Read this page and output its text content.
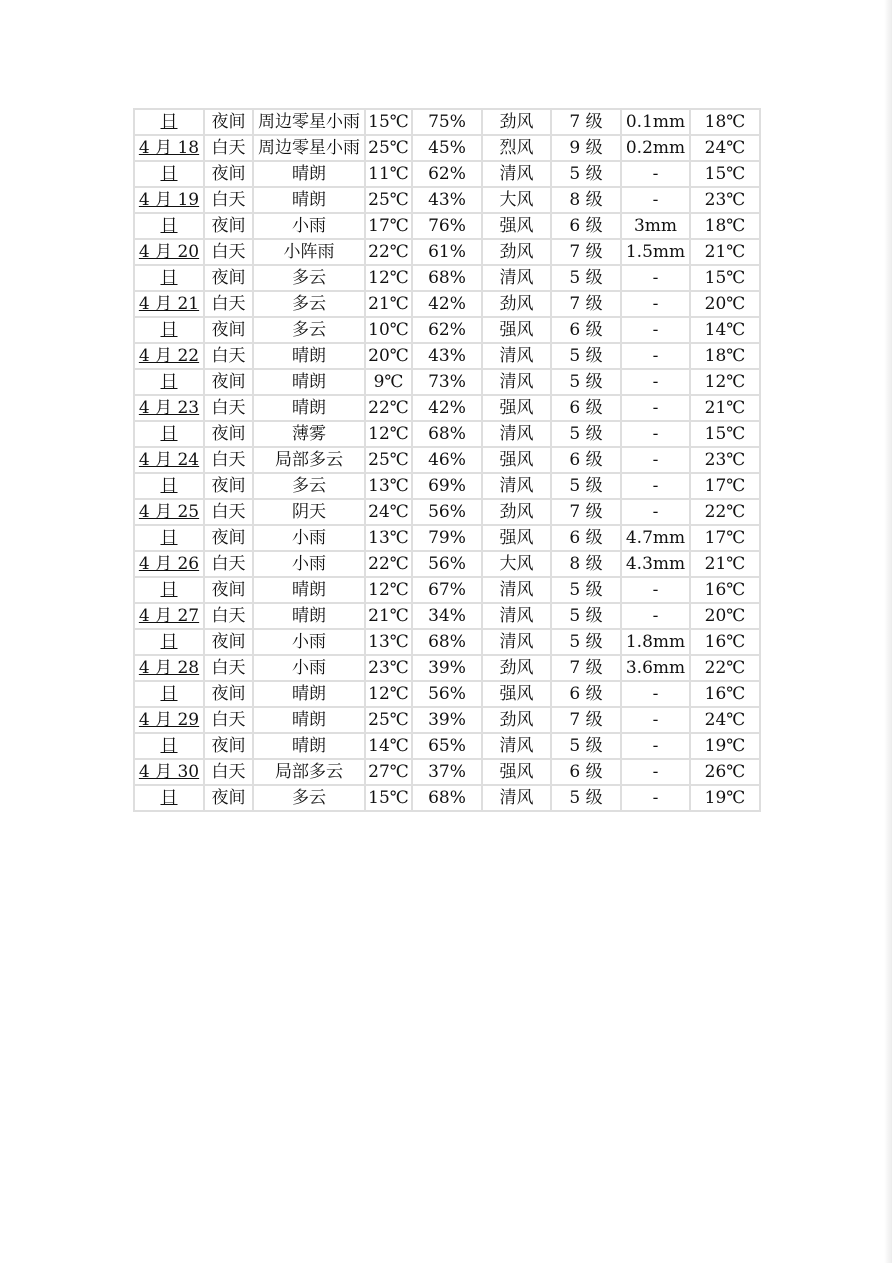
日	夜间	周边零星小雨	15℃	75%	劲风	7 级	0.1mm	18℃
4 月 18	白天	周边零星小雨	25℃	45%	烈风	9 级	0.2mm	24℃
日	夜间	晴朗	11℃	62%	清风	5 级	-	15℃
4 月 19	白天	晴朗	25℃	43%	大风	8 级	-	23℃
日	夜间	小雨	17℃	76%	强风	6 级	3mm	18℃
4 月 20	白天	小阵雨	22℃	61%	劲风	7 级	1.5mm	21℃
日	夜间	多云	12℃	68%	清风	5 级	-	15℃
4 月 21	白天	多云	21℃	42%	劲风	7 级	-	20℃
日	夜间	多云	10℃	62%	强风	6 级	-	14℃
4 月 22	白天	晴朗	20℃	43%	清风	5 级	-	18℃
日	夜间	晴朗	9℃	73%	清风	5 级	-	12℃
4 月 23	白天	晴朗	22℃	42%	强风	6 级	-	21℃
日	夜间	薄雾	12℃	68%	清风	5 级	-	15℃
4 月 24	白天	局部多云	25℃	46%	强风	6 级	-	23℃
日	夜间	多云	13℃	69%	清风	5 级	-	17℃
4 月 25	白天	阴天	24℃	56%	劲风	7 级	-	22℃
日	夜间	小雨	13℃	79%	强风	6 级	4.7mm	17℃
4 月 26	白天	小雨	22℃	56%	大风	8 级	4.3mm	21℃
日	夜间	晴朗	12℃	67%	清风	5 级	-	16℃
4 月 27	白天	晴朗	21℃	34%	清风	5 级	-	20℃
日	夜间	小雨	13℃	68%	清风	5 级	1.8mm	16℃
4 月 28	白天	小雨	23℃	39%	劲风	7 级	3.6mm	22℃
日	夜间	晴朗	12℃	56%	强风	6 级	-	16℃
4 月 29	白天	晴朗	25℃	39%	劲风	7 级	-	24℃
日	夜间	晴朗	14℃	65%	清风	5 级	-	19℃
4 月 30	白天	局部多云	27℃	37%	强风	6 级	-	26℃
日	夜间	多云	15℃	68%	清风	5 级	-	19℃
